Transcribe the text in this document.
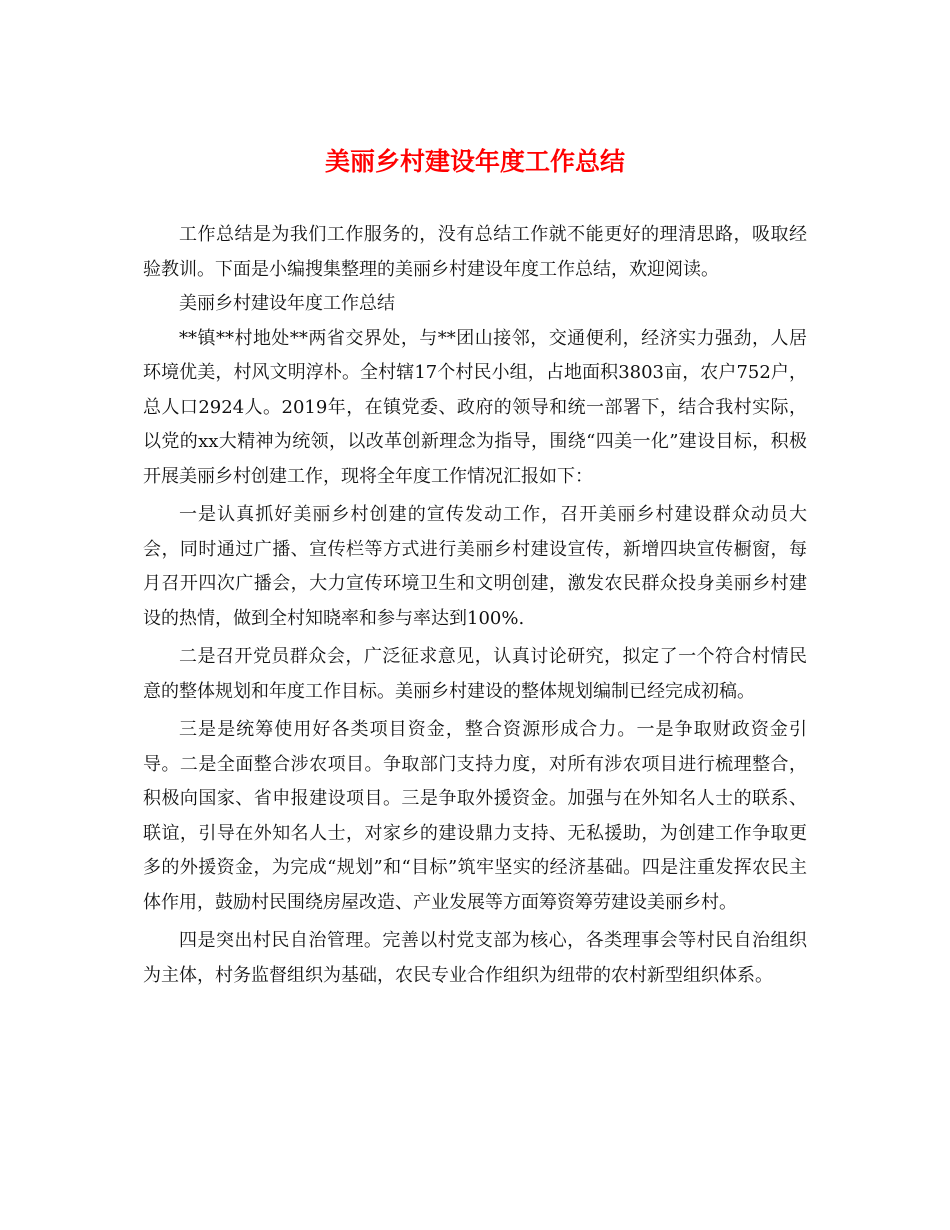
美丽乡村建设年度工作总结

工作总结是为我们工作服务的，没有总结工作就不能更好的理清思路，吸取经验教训。下面是小编搜集整理的美丽乡村建设年度工作总结，欢迎阅读。

美丽乡村建设年度工作总结

**镇**村地处**两省交界处，与**团山接邻，交通便利，经济实力强劲，人居环境优美，村风文明淳朴。全村辖17个村民小组，占地面积3803亩，农户752户，总人口2924人。2019年，在镇党委、政府的领导和统一部署下，结合我村实际，以党的xx大精神为统领，以改革创新理念为指导，围绕“四美一化”建设目标，积极开展美丽乡村创建工作，现将全年度工作情况汇报如下：

一是认真抓好美丽乡村创建的宣传发动工作，召开美丽乡村建设群众动员大会，同时通过广播、宣传栏等方式进行美丽乡村建设宣传，新增四块宣传橱窗，每月召开四次广播会，大力宣传环境卫生和文明创建，激发农民群众投身美丽乡村建设的热情，做到全村知晓率和参与率达到100%.

二是召开党员群众会，广泛征求意见，认真讨论研究，拟定了一个符合村情民意的整体规划和年度工作目标。美丽乡村建设的整体规划编制已经完成初稿。

三是是统筹使用好各类项目资金，整合资源形成合力。一是争取财政资金引导。二是全面整合涉农项目。争取部门支持力度，对所有涉农项目进行梳理整合，积极向国家、省申报建设项目。三是争取外援资金。加强与在外知名人士的联系、联谊，引导在外知名人士，对家乡的建设鼎力支持、无私援助，为创建工作争取更多的外援资金，为完成“规划”和“目标”筑牢坚实的经济基础。四是注重发挥农民主体作用，鼓励村民围绕房屋改造、产业发展等方面筹资筹劳建设美丽乡村。

四是突出村民自治管理。完善以村党支部为核心，各类理事会等村民自治组织为主体，村务监督组织为基础，农民专业合作组织为纽带的农村新型组织体系。
